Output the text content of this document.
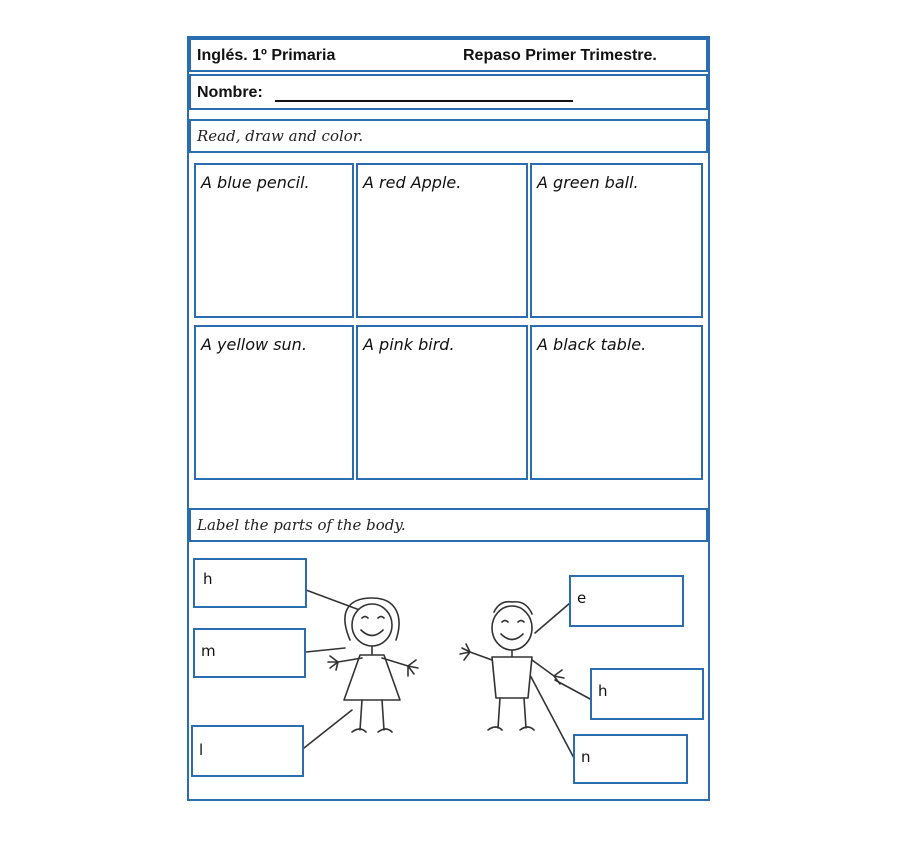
Inglés. 1º Primaria	Repaso Primer Trimestre.
Nombre:
Read, draw and color.
A blue pencil.	A red Apple.	A green ball.
A yellow sun.	A pink bird.	A black table.
Label the parts of the body.
h
m
l
e
h
n
